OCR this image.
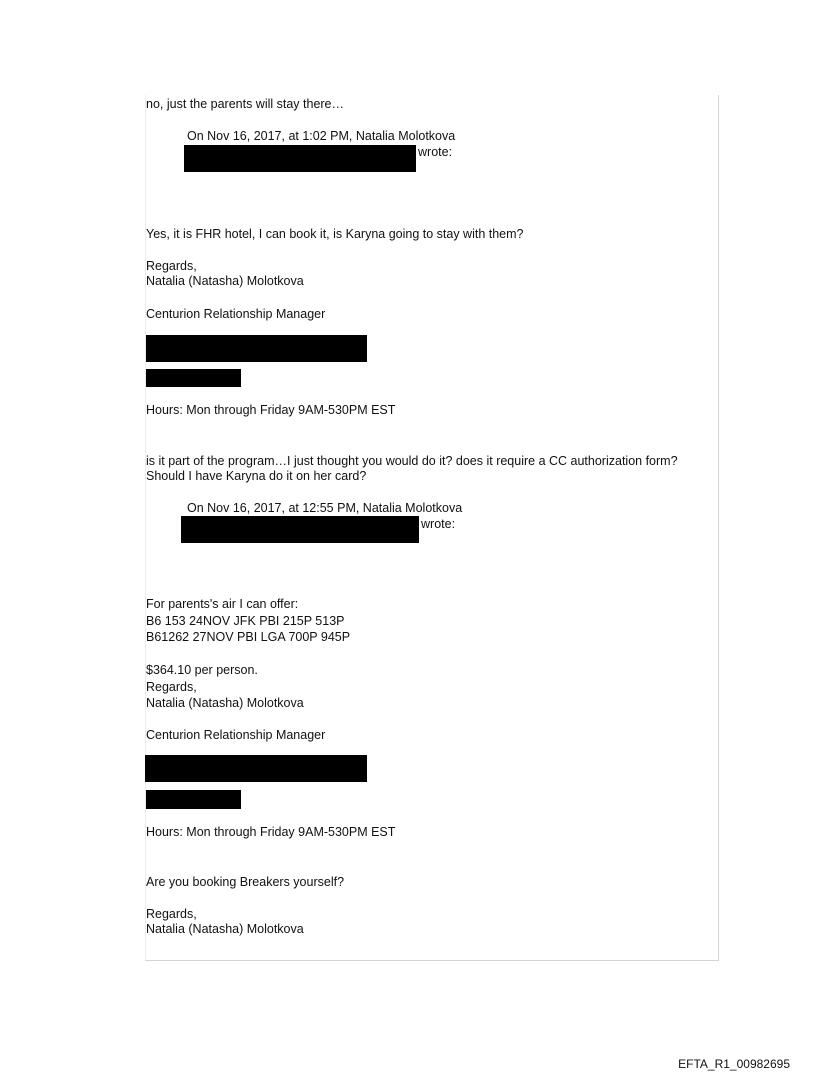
no, just the parents will stay there…
On Nov 16, 2017, at 1:02 PM, Natalia Molotkova
wrote:
Yes, it is FHR hotel, I can book it, is Karyna going to stay with them?
Regards,
Natalia (Natasha) Molotkova
Centurion Relationship Manager
Hours: Mon through Friday 9AM-530PM EST
is it part of the program…I just thought you would do it? does it require a CC authorization form? Should I have Karyna do it on her card?
On Nov 16, 2017, at 12:55 PM, Natalia Molotkova
wrote:
For parents's air I can offer:
B6 153 24NOV JFK PBI 215P 513P
B61262 27NOV PBI LGA 700P 945P
$364.10 per person.
Regards,
Natalia (Natasha) Molotkova
Centurion Relationship Manager
Hours: Mon through Friday 9AM-530PM EST
Are you booking Breakers yourself?
Regards,
Natalia (Natasha) Molotkova
EFTA_R1_00982695
